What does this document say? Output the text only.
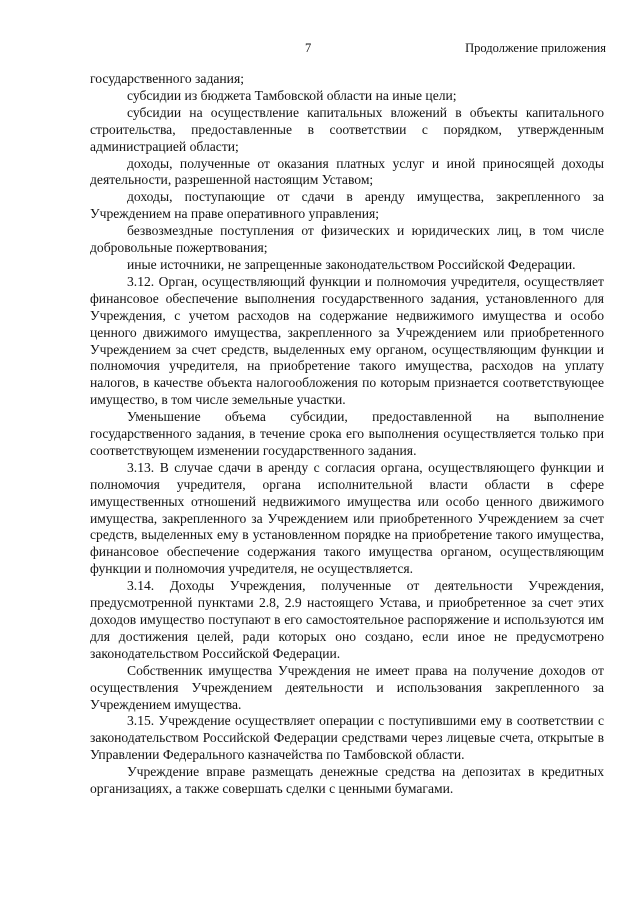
7	Продолжение приложения

государственного задания;

субсидии из бюджета Тамбовской области на иные цели;

субсидии на осуществление капитальных вложений в объекты капитального строительства, предоставленные в соответствии с порядком, утвержденным администрацией области;

доходы, полученные от оказания платных услуг и иной приносящей доходы деятельности, разрешенной настоящим Уставом;

доходы, поступающие от сдачи в аренду имущества, закрепленного за Учреждением на праве оперативного управления;

безвозмездные поступления от физических и юридических лиц, в том числе добровольные пожертвования;

иные источники, не запрещенные законодательством Российской Федерации.

3.12. Орган, осуществляющий функции и полномочия учредителя, осуществляет финансовое обеспечение выполнения государственного задания, установленного для Учреждения, с учетом расходов на содержание недвижимого имущества и особо ценного движимого имущества, закрепленного за Учреждением или приобретенного Учреждением за счет средств, выделенных ему органом, осуществляющим функции и полномочия учредителя, на приобретение такого имущества, расходов на уплату налогов, в качестве объекта налогообложения по которым признается соответствующее имущество, в том числе земельные участки.

Уменьшение объема субсидии, предоставленной на выполнение государственного задания, в течение срока его выполнения осуществляется только при соответствующем изменении государственного задания.

3.13. В случае сдачи в аренду с согласия органа, осуществляющего функции и полномочия учредителя, органа исполнительной власти области в сфере имущественных отношений недвижимого имущества или особо ценного движимого имущества, закрепленного за Учреждением или приобретенного Учреждением за счет средств, выделенных ему в установленном порядке на приобретение такого имущества, финансовое обеспечение содержания такого имущества органом, осуществляющим функции и полномочия учредителя, не осуществляется.

3.14. Доходы Учреждения, полученные от деятельности Учреждения, предусмотренной пунктами 2.8, 2.9 настоящего Устава, и приобретенное за счет этих доходов имущество поступают в его самостоятельное распоряжение и используются им для достижения целей, ради которых оно создано, если иное не предусмотрено законодательством Российской Федерации.

Собственник имущества Учреждения не имеет права на получение доходов от осуществления Учреждением деятельности и использования закрепленного за Учреждением имущества.

3.15. Учреждение осуществляет операции с поступившими ему в соответствии с законодательством Российской Федерации средствами через лицевые счета, открытые в Управлении Федерального казначейства по Тамбовской области.

Учреждение вправе размещать денежные средства на депозитах в кредитных организациях, а также совершать сделки с ценными бумагами.
